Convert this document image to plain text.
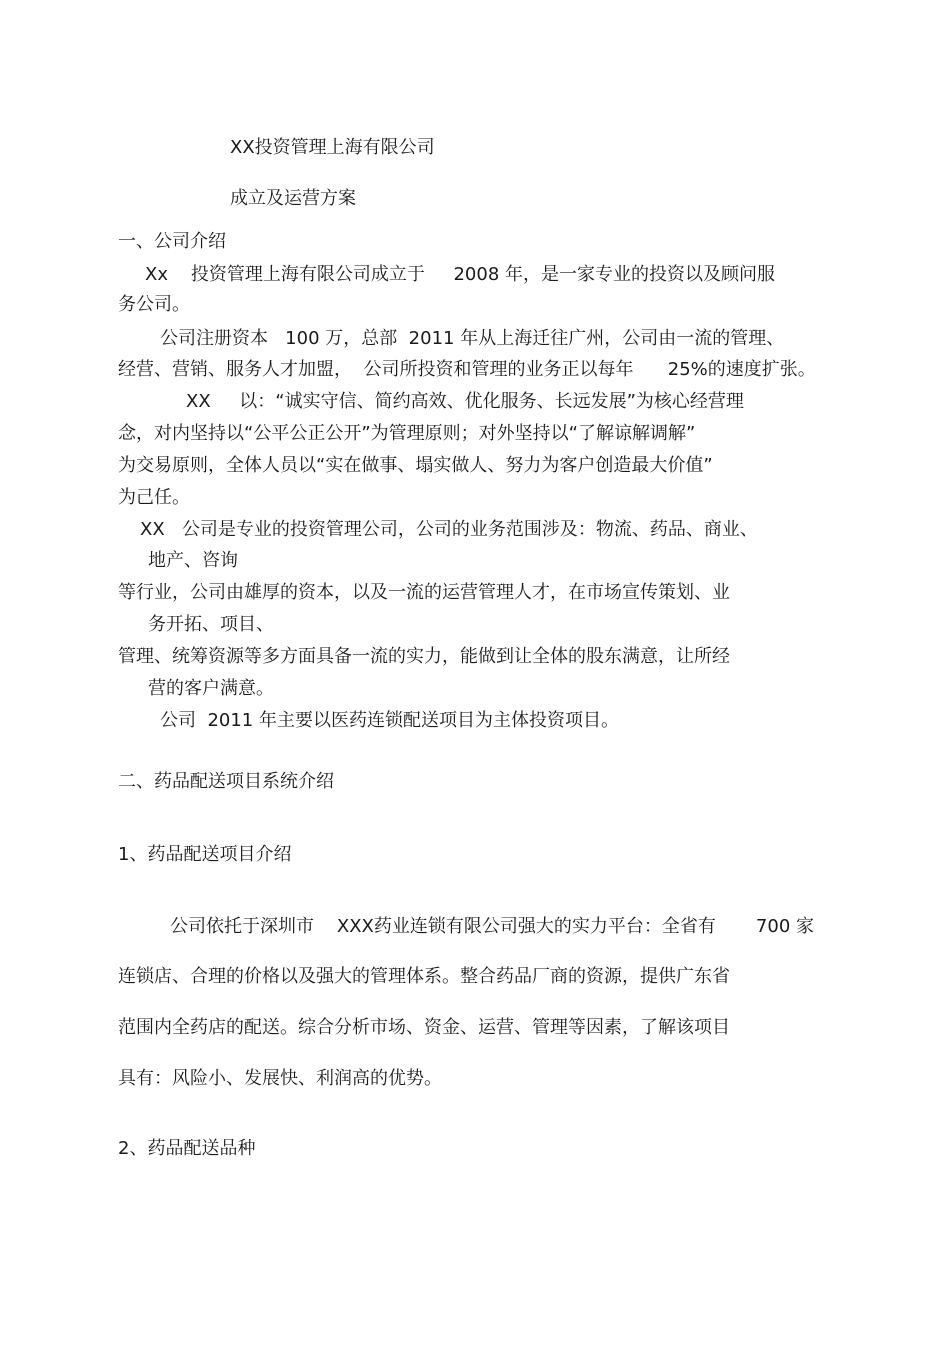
XX投资管理上海有限公司

成立及运营方案

一、公司介绍

Xx    投资管理上海有限公司成立于     2008 年，是一家专业的投资以及顾问服

务公司。

公司注册资本   100 万，总部  2011 年从上海迁往广州，公司由一流的管理、

经营、营销、服务人才加盟，  公司所投资和管理的业务正以每年      25%的速度扩张。

XX     以：“诚实守信、简约高效、优化服务、长远发展”为核心经营理

念，对内坚持以“公平公正公开”为管理原则；对外坚持以“了解谅解调解”

为交易原则，全体人员以“实在做事、塌实做人、努力为客户创造最大价值”

为己任。

XX   公司是专业的投资管理公司，公司的业务范围涉及：物流、药品、商业、

地产、咨询

等行业，公司由雄厚的资本，以及一流的运营管理人才，在市场宣传策划、业

务开拓、项目、

管理、统筹资源等多方面具备一流的实力，能做到让全体的股东满意，让所经

营的客户满意。

公司  2011 年主要以医药连锁配送项目为主体投资项目。

二、药品配送项目系统介绍

1、药品配送项目介绍

公司依托于深圳市    XXX药业连锁有限公司强大的实力平台：全省有       700 家

连锁店、合理的价格以及强大的管理体系。整合药品厂商的资源，提供广东省

范围内全药店的配送。综合分析市场、资金、运营、管理等因素，了解该项目

具有：风险小、发展快、利润高的优势。

2、药品配送品种
